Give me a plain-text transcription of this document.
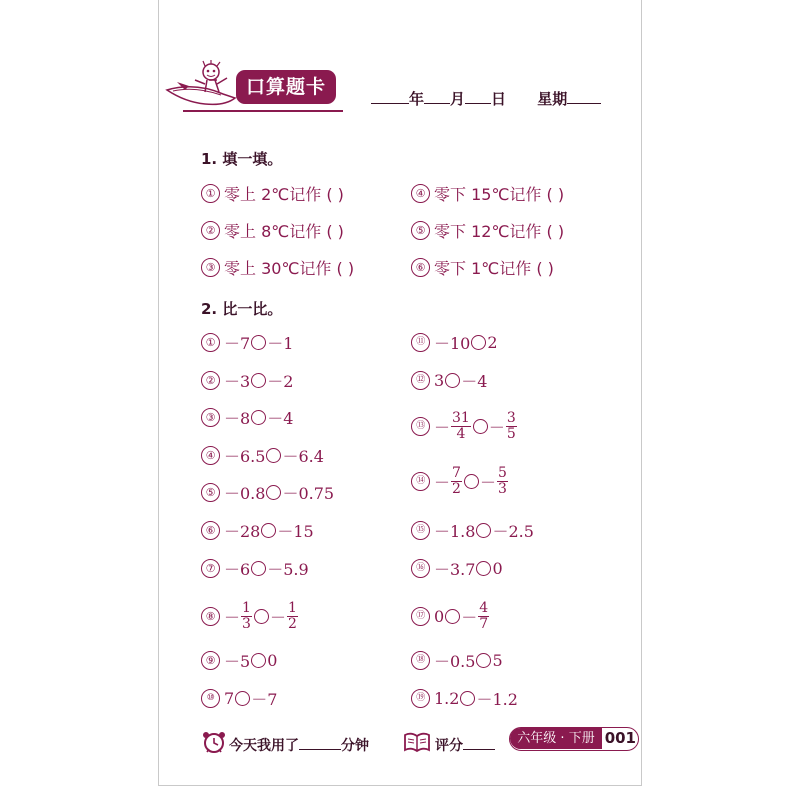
口算题卡
年 月 日 星期
1. 填一填。
① 零上 2℃记作 ( )
② 零上 8℃记作 ( )
③ 零上 30℃记作 ( )
④ 零下 15℃记作 ( )
⑤ 零下 12℃记作 ( )
⑥ 零下 1℃记作 ( )
2. 比一比。
① －7 －1
② －3 －2
③ －8 －4
④ －6.5 －6.4
⑤ －0.8 －0.75
⑥ －28 －15
⑦ －6 －5.9
⑧ － $\frac{1}{3} - \frac{1}{2}$
⑨ －5 0
⑩ 7 －7
⑪ －10 2
⑫ 3 －4
⑬ － $\frac{31}{4} - \frac{3}{5}$
⑭ － $\frac{7}{2} - \frac{5}{3}$
⑮ －1.8 －2.5
⑯ －3.7 0
⑰ $0 - \frac{4}{7}$
⑱ －0.5 5
⑲ 1.2 －1.2
今天我用了	分钟	评分	六年级 · 下册 001
